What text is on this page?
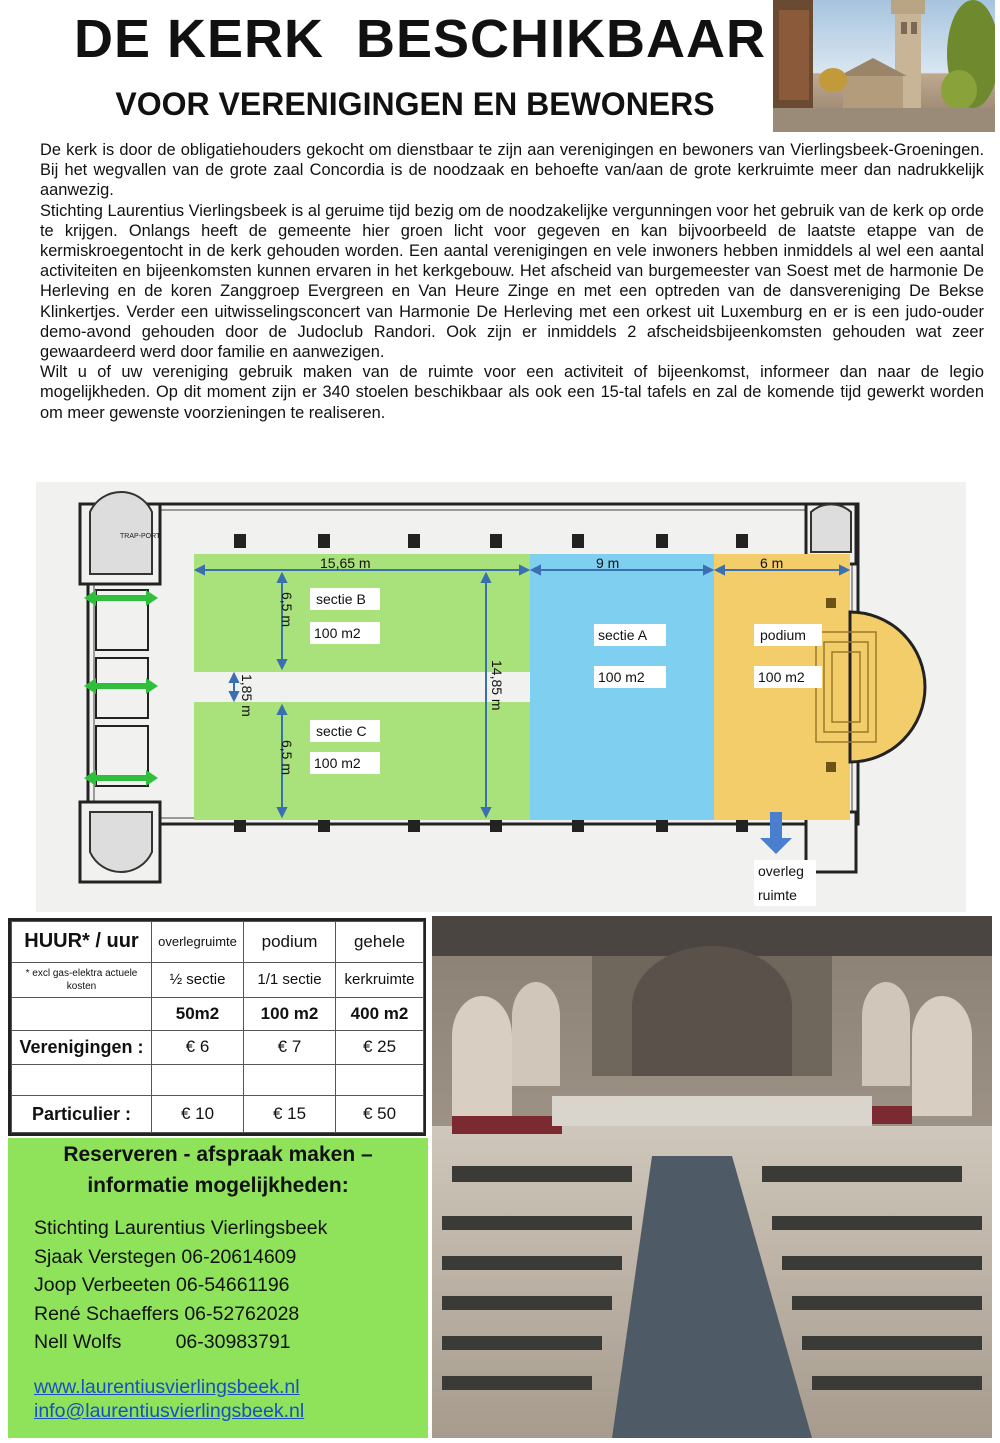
DE KERK  BESCHIKBAAR
VOOR VERENIGINGEN EN BEWONERS

De kerk is door de obligatiehouders gekocht om dienstbaar te zijn aan verenigingen en bewoners van Vierlingsbeek-Groeningen. Bij het wegvallen van de grote zaal Concordia is de noodzaak en behoefte van/aan de grote kerkruimte meer dan nadrukkelijk aanwezig.

Stichting Laurentius Vierlingsbeek is al geruime tijd bezig om de noodzakelijke vergunningen voor het gebruik van de kerk op orde te krijgen. Onlangs heeft de gemeente hier groen licht voor gegeven en kan bijvoorbeeld de laatste etappe van de kermiskroegentocht in de kerk gehouden worden. Een aantal verenigingen en vele inwoners hebben inmiddels al wel een aantal activiteiten en bijeenkomsten kunnen ervaren in het kerkgebouw. Het afscheid van burgemeester van Soest met de harmonie De Herleving en de koren Zanggroep Evergreen en Van Heure Zinge en met een optreden van de dansvereniging De Bekse Klinkertjes. Verder een uitwisselingsconcert van Harmonie De Herleving met een orkest uit Luxemburg en er is een judo-ouder demo-avond gehouden door de Judoclub Randori. Ook zijn er inmiddels 2 afscheidsbijeenkomsten gehouden wat zeer gewaardeerd werd door familie en aanwezigen.

Wilt u of uw vereniging gebruik maken van de ruimte voor een activiteit of bijeenkomst, informeer dan naar de legio mogelijkheden. Op dit moment zijn er 340 stoelen beschikbaar als ook een 15-tal tafels en zal de komende tijd gewerkt worden om meer gewenste voorzieningen te realiseren.

TRAP-PORT
15,65 m	9 m	6 m
6,5 m
1,85 m
6,5 m
14,85 m
sectie B
100 m2
sectie C
100 m2
sectie A
100 m2
podium
100 m2
overleg
ruimte
HUUR* / uur	overlegruimte	podium	gehele
* excl gas-elektra actuele kosten	½ sectie	1/1 sectie	kerkruimte
	50m2	100 m2	400 m2
Verenigingen :	€ 6	€ 7	€ 25

Particulier :	€ 10	€ 15	€ 50
Reserveren - afspraak maken –
informatie mogelijkheden:
Stichting Laurentius Vierlingsbeek
Sjaak Verstegen 06-20614609
Joop Verbeeten 06-54661196
René Schaeffers 06-52762028
Nell Wolfs          06-30983791
www.laurentiusvierlingsbeek.nl
info@laurentiusvierlingsbeek.nl
